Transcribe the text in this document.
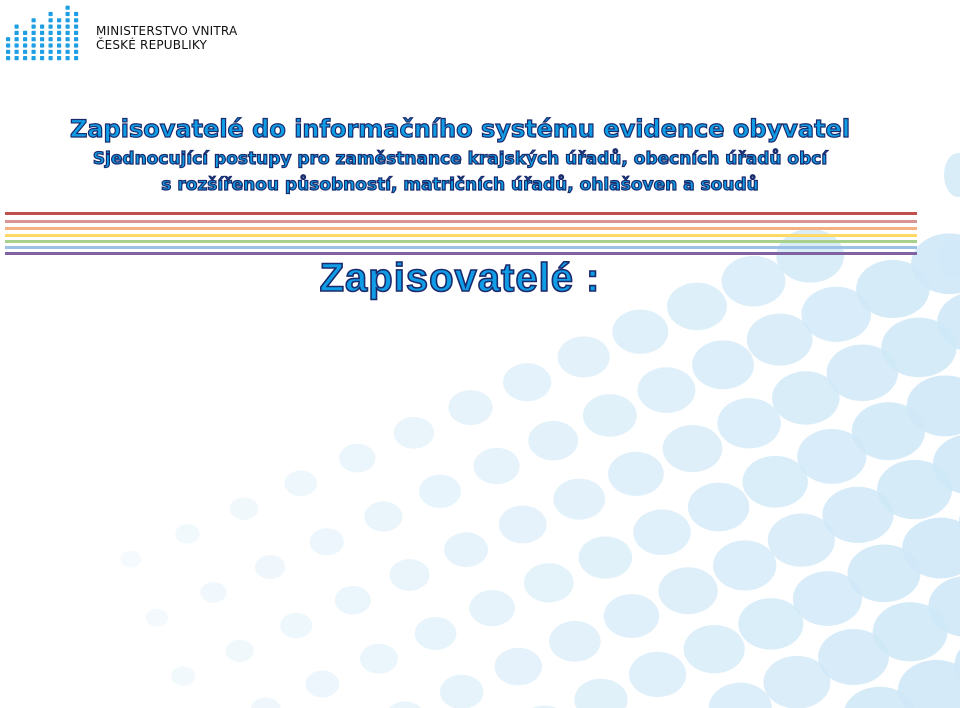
MINISTERSTVO VNITRA
ČESKÉ REPUBLIKY
Zapisovatelé do informačního systému evidence obyvatel
Sjednocující postupy pro zaměstnance krajských úřadů, obecních úřadů obcí
s rozšířenou působností, matričních úřadů, ohlašoven a soudů
Zapisovatelé :
